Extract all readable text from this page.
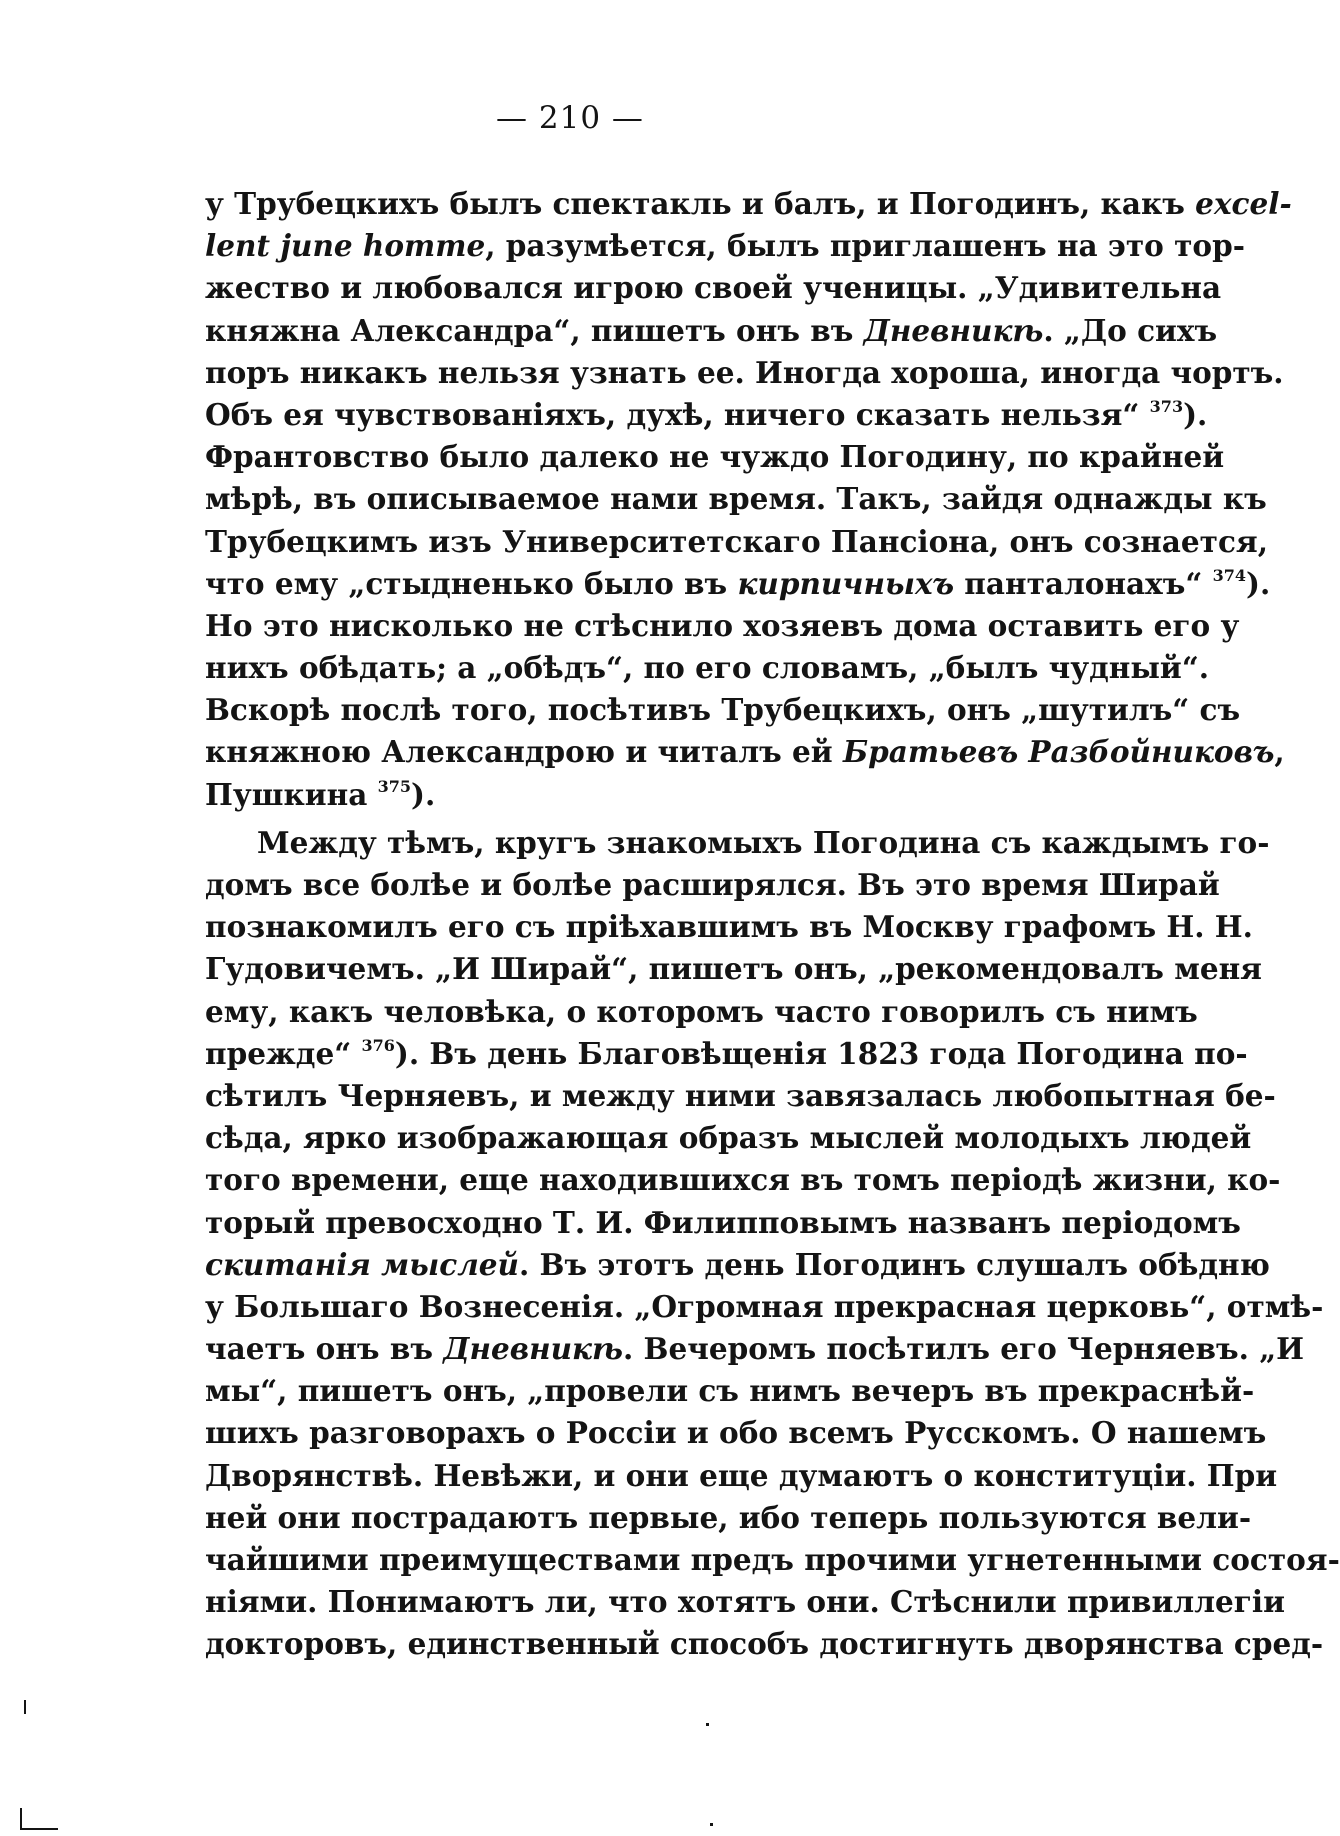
— 210 —
у Трубецкихъ былъ спектакль и балъ, и Погодинъ, какъ excel-
lent june homme, разумѣется, былъ приглашенъ на это тор-
жество и любовался игрою своей ученицы. „Удивительна
княжна Александра“, пишетъ онъ въ Дневникѣ. „До сихъ
поръ никакъ нельзя узнать ее. Иногда хороша, иногда чортъ.
Объ ея чувствованіяхъ, духѣ, ничего сказать нельзя“ $^{373}$).
Франтовство было далеко не чуждо Погодину, по крайней
мѣрѣ, въ описываемое нами время. Такъ, зайдя однажды къ
Трубецкимъ изъ Университетскаго Пансіона, онъ сознается,
что ему „стыдненько было въ кирпичныхъ панталонахъ“ $^{374}$).
Но это нисколько не стѣснило хозяевъ дома оставить его у
нихъ обѣдать; а „обѣдъ“, по его словамъ, „былъ чудный“.
Вскорѣ послѣ того, посѣтивъ Трубецкихъ, онъ „шутилъ“ съ
княжною Александрою и читалъ ей Братьевъ Разбойниковъ,
Пушкина $^{375}$).
Между тѣмъ, кругъ знакомыхъ Погодина съ каждымъ го-
домъ все болѣе и болѣе расширялся. Въ это время Ширай
познакомилъ его съ пріѣхавшимъ въ Москву графомъ Н. Н.
Гудовичемъ. „И Ширай“, пишетъ онъ, „рекомендовалъ меня
ему, какъ человѣка, о которомъ часто говорилъ съ нимъ
прежде“ $^{376}$). Въ день Благовѣщенія 1823 года Погодина по-
сѣтилъ Черняевъ, и между ними завязалась любопытная бе-
сѣда, ярко изображающая образъ мыслей молодыхъ людей
того времени, еще находившихся въ томъ періодѣ жизни, ко-
торый превосходно Т. И. Филипповымъ названъ періодомъ
скитанія мыслей. Въ этотъ день Погодинъ слушалъ обѣдню
у Большаго Вознесенія. „Огромная прекрасная церковь“, отмѣ-
чаетъ онъ въ Дневникѣ. Вечеромъ посѣтилъ его Черняевъ. „И
мы“, пишетъ онъ, „провели съ нимъ вечеръ въ прекраснѣй-
шихъ разговорахъ о Россіи и обо всемъ Русскомъ. О нашемъ
Дворянствѣ. Невѣжи, и они еще думаютъ о конституціи. При
ней они пострадаютъ первые, ибо теперь пользуются вели-
чайшими преимуществами предъ прочими угнетенными состоя-
ніями. Понимаютъ ли, что хотятъ они. Стѣснили привиллегіи
докторовъ, единственный способъ достигнуть дворянства сред-
